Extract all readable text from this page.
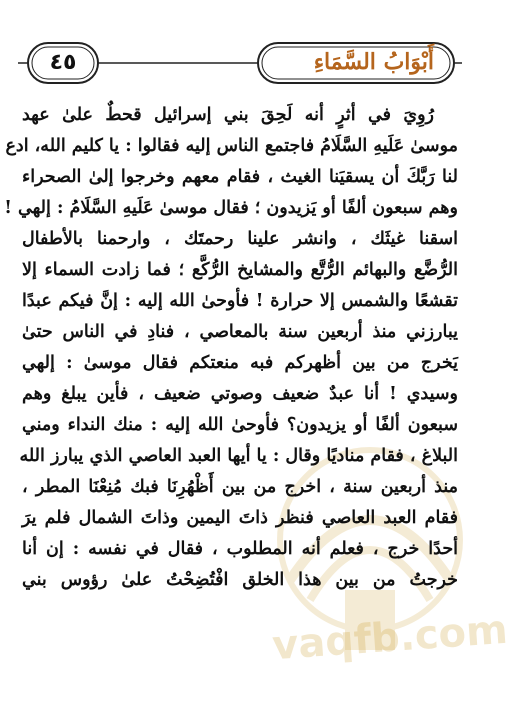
٤٥	أَبْوَابُ السَّمَاءِ
vaqfb.com
رُوِيَ في أثرٍ أنه لَحِقَ بني إسرائيل قحطٌ علىٰ عهد
موسىٰ عَلَيهِ السَّلَامُ فاجتمع الناس إليه فقالوا : يا كليم الله، ادع
لنا رَبَّكَ أن يسقيَنا الغيث ، فقام معهم وخرجوا إلىٰ الصحراء
وهم سبعون ألفًا أو يَزيدون ؛ فقال موسىٰ عَلَيهِ السَّلَامُ : إلهي !
اسقنا غيثَك ، وانشر علينا رحمتَك ، وارحمنا بالأطفال
الرُّضَّع والبهائم الرُّتَّع والمشايخ الرُّكَّع ؛ فما زادت السماء إلا
تقشعًا والشمس إلا حرارة ! فأوحىٰ الله إليه : إنَّ فيكم عبدًا
يبارزني منذ أربعين سنة بالمعاصي ، فنادِ في الناس حتىٰ
يَخرج من بين أظهركم فبه منعتكم فقال موسىٰ : إلهي
وسيدي ! أنا عبدٌ ضعيف وصوتي ضعيف ، فأين يبلغ وهم
سبعون ألفًا أو يزيدون؟ فأوحىٰ الله إليه : منك النداء ومني
البلاغ ، فقام مناديًا وقال : يا أيها العبد العاصي الذي يبارز الله
منذ أربعين سنة ، اخرج من بين أَظْهُرِنَا فبك مُنِعْنَا المطر ،
فقام العبد العاصي فنظر ذاتَ اليمين وذاتَ الشمال فلم يرَ
أحدًا خرج ، فعلم أنه المطلوب ، فقال في نفسه : إن أنا
خرجتُ من بين هذا الخلق افْتُضِحْتُ علىٰ رؤوس بني
